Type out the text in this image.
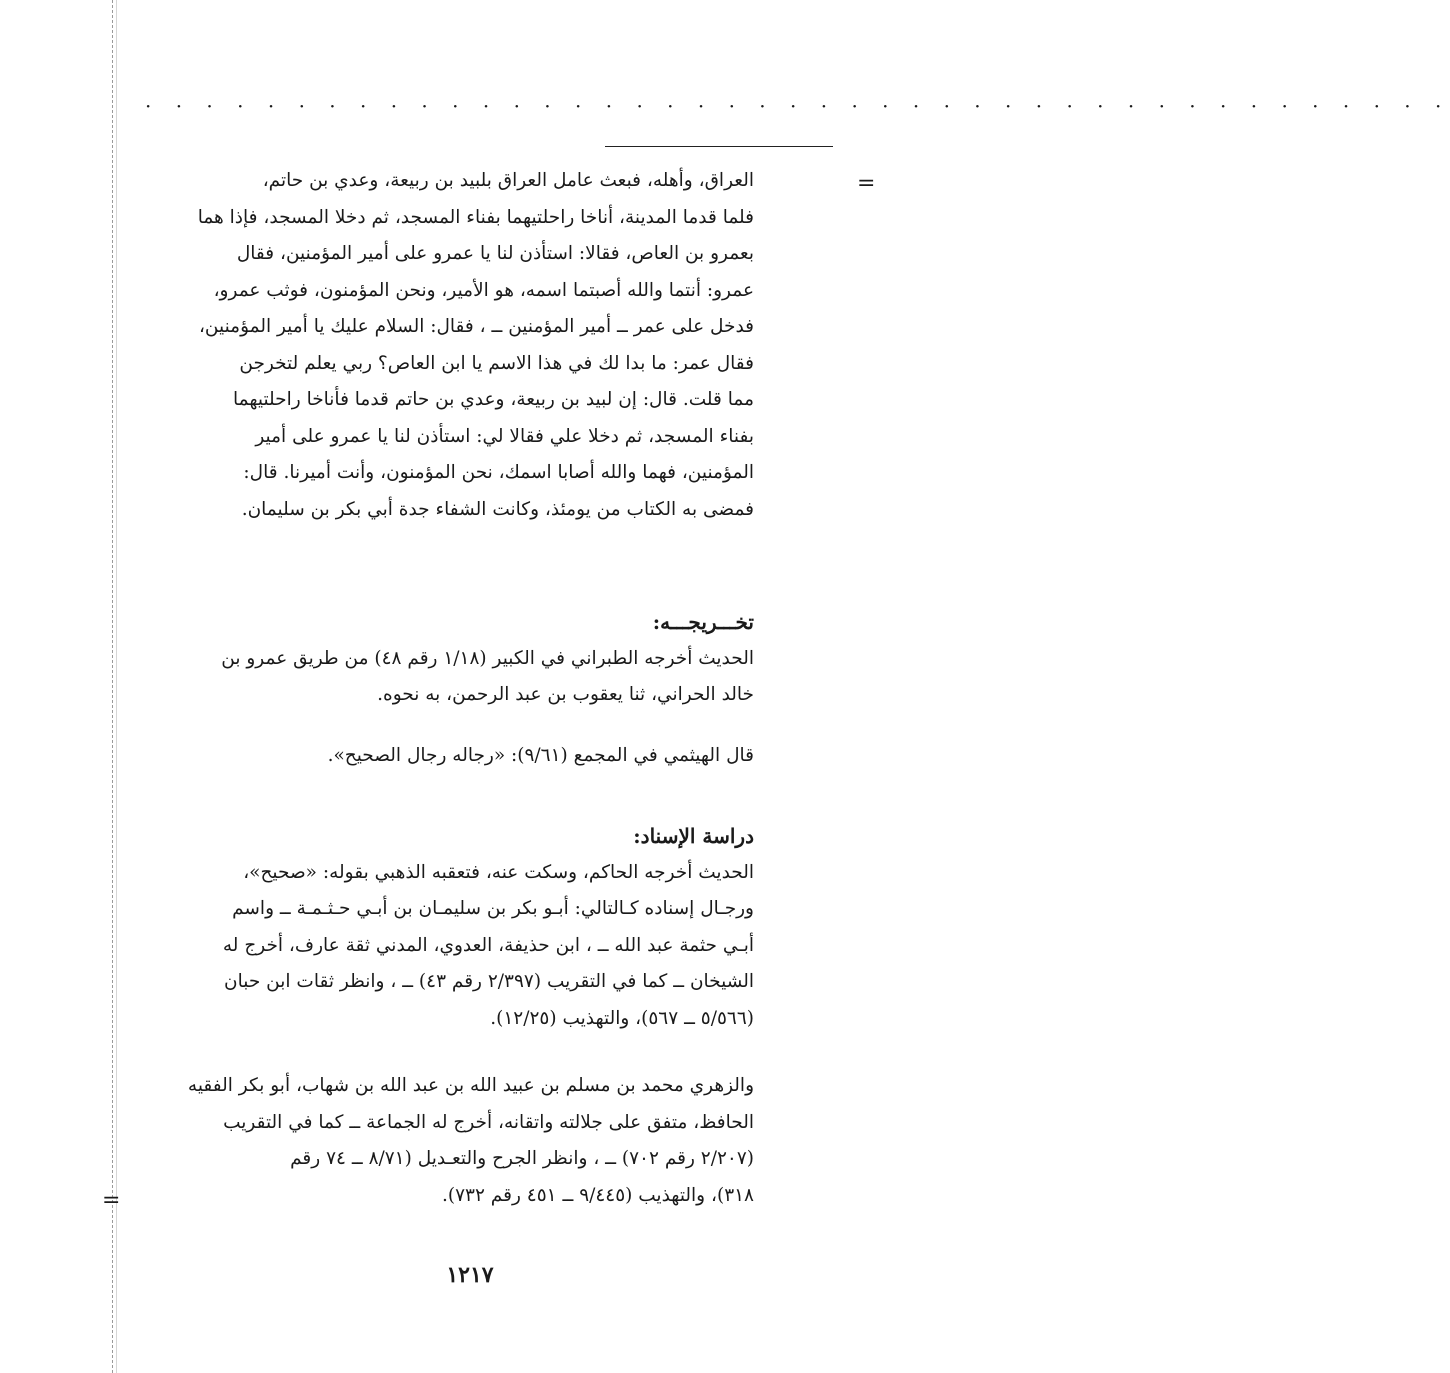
· · · · · · · · · · · · · · · · · · · · · · · · · · · · · · · · · · · · · · · · · · ·
=
=
العراق، وأهله، فبعث عامل العراق بلبيد بن ربيعة، وعدي بن حاتم،
فلما قدما المدينة، أناخا راحلتيهما بفناء المسجد، ثم دخلا المسجد، فإذا هما
بعمرو بن العاص، فقالا: استأذن لنا يا عمرو على أمير المؤمنين، فقال
عمرو: أنتما والله أصبتما اسمه، هو الأمير، ونحن المؤمنون، فوثب عمرو،
فدخل على عمر ــ أمير المؤمنين ــ ، فقال: السلام عليك يا أمير المؤمنين،
فقال عمر: ما بدا لك في هذا الاسم يا ابن العاص؟ ربي يعلم لتخرجن
مما قلت. قال: إن لبيد بن ربيعة، وعدي بن حاتم قدما فأناخا راحلتيهما
بفناء المسجد، ثم دخلا علي فقالا لي: استأذن لنا يا عمرو على أمير
المؤمنين، فهما والله أصابا اسمك، نحن المؤمنون، وأنت أميرنا. قال:
فمضى به الكتاب من يومئذ، وكانت الشفاء جدة أبي بكر بن سليمان.
تخـــريجـــه:
الحديث أخرجه الطبراني في الكبير (١/١٨ رقم ٤٨) من طريق عمرو بن
خالد الحراني، ثنا يعقوب بن عبد الرحمن، به نحوه.
قال الهيثمي في المجمع (٩/٦١): «رجاله رجال الصحيح».
دراسة الإسناد:
الحديث أخرجه الحاكم، وسكت عنه، فتعقبه الذهبي بقوله: «صحيح»،
ورجـال إسناده كـالتالي: أبـو بكر بن سليمـان بن أبـي حـثـمـة ــ واسم
أبـي حثمة عبد الله ــ ، ابن حذيفة، العدوي، المدني ثقة عارف، أخرج له
الشيخان ــ كما في التقريب (٢/٣٩٧ رقم ٤٣) ــ ، وانظر ثقات ابن حبان
(٥/٥٦٦ ــ ٥٦٧)، والتهذيب (١٢/٢٥).
والزهري محمد بن مسلم بن عبيد الله بن عبد الله بن شهاب، أبو بكر الفقيه
الحافظ، متفق على جلالته واتقانه، أخرج له الجماعة ــ كما في التقريب
(٢/٢٠٧ رقم ٧٠٢) ــ ، وانظر الجرح والتعـديل (٨/٧١ ــ ٧٤ رقم
٣١٨)، والتهذيب (٩/٤٤٥ ــ ٤٥١ رقم ٧٣٢).
١٢١٧
